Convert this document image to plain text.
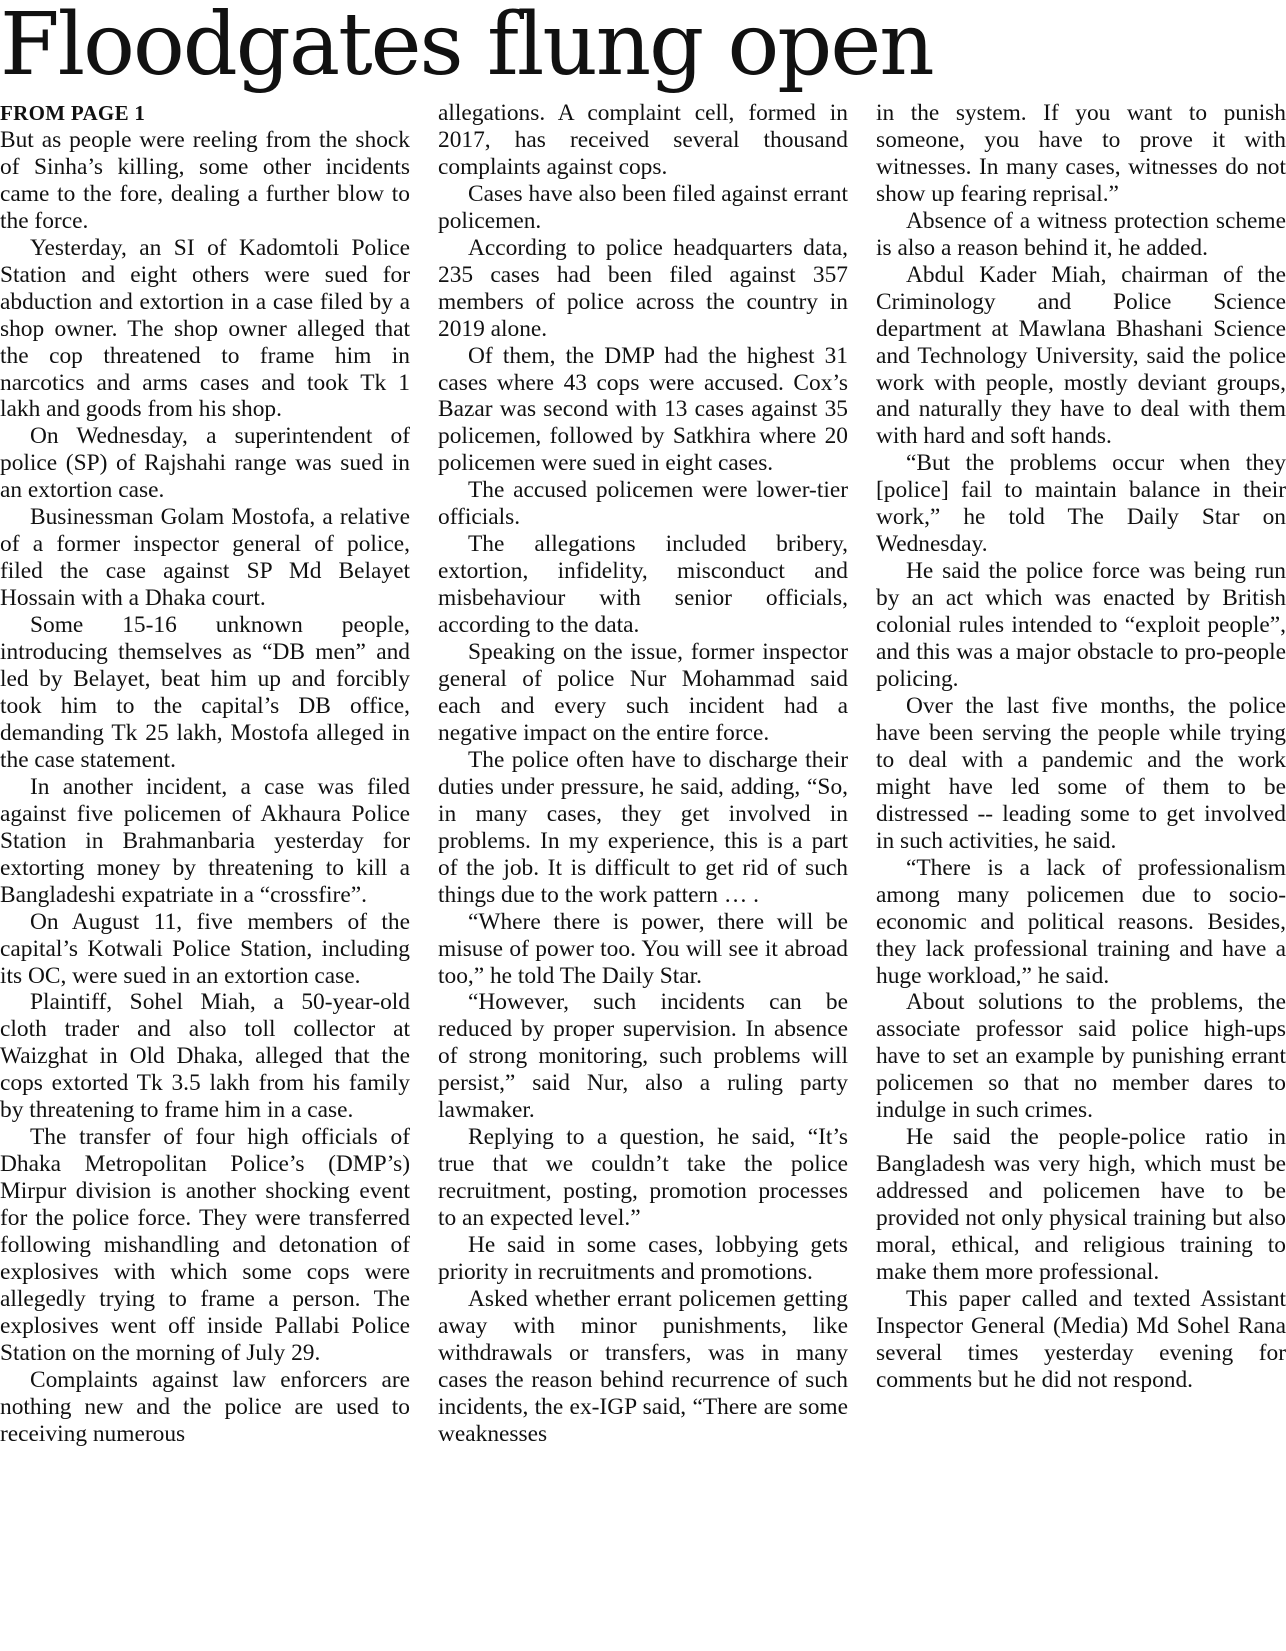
Floodgates flung open
FROM PAGE 1

But as people were reeling from the shock of Sinha’s killing, some other incidents came to the fore, dealing a further blow to the force.

Yesterday, an SI of Kadomtoli Police Station and eight others were sued for abduction and extortion in a case filed by a shop owner. The shop owner alleged that the cop threatened to frame him in narcotics and arms cases and took Tk 1 lakh and goods from his shop.

On Wednesday, a superintendent of police (SP) of Rajshahi range was sued in an extortion case.

Businessman Golam Mostofa, a relative of a former inspector general of police, filed the case against SP Md Belayet Hossain with a Dhaka court.

Some 15-16 unknown people, introducing themselves as “DB men” and led by Belayet, beat him up and forcibly took him to the capital’s DB office, demanding Tk 25 lakh, Mostofa alleged in the case statement.

In another incident, a case was filed against five policemen of Akhaura Police Station in Brahmanbaria yesterday for extorting money by threatening to kill a Bangladeshi expatriate in a “crossfire”.

On August 11, five members of the capital’s Kotwali Police Station, including its OC, were sued in an extortion case.

Plaintiff, Sohel Miah, a 50-year-old cloth trader and also toll collector at Waizghat in Old Dhaka, alleged that the cops extorted Tk 3.5 lakh from his family by threatening to frame him in a case.

The transfer of four high officials of Dhaka Metropolitan Police’s (DMP’s) Mirpur division is another shocking event for the police force. They were transferred following mishandling and detonation of explosives with which some cops were allegedly trying to frame a person. The explosives went off inside Pallabi Police Station on the morning of July 29.

Complaints against law enforcers are nothing new and the police are used to receiving numerous

allegations. A complaint cell, formed in 2017, has received several thousand complaints against cops.

Cases have also been filed against errant policemen.

According to police headquarters data, 235 cases had been filed against 357 members of police across the country in 2019 alone.

Of them, the DMP had the highest 31 cases where 43 cops were accused. Cox’s Bazar was second with 13 cases against 35 policemen, followed by Satkhira where 20 policemen were sued in eight cases.

The accused policemen were lower-tier officials.

The allegations included bribery, extortion, infidelity, misconduct and misbehaviour with senior officials, according to the data.

Speaking on the issue, former inspector general of police Nur Mohammad said each and every such incident had a negative impact on the entire force.

The police often have to discharge their duties under pressure, he said, adding, “So, in many cases, they get involved in problems. In my experience, this is a part of the job. It is difficult to get rid of such things due to the work pattern … .

“Where there is power, there will be misuse of power too. You will see it abroad too,” he told The Daily Star.

“However, such incidents can be reduced by proper supervision. In absence of strong monitoring, such problems will persist,” said Nur, also a ruling party lawmaker.

Replying to a question, he said, “It’s true that we couldn’t take the police recruitment, posting, promotion processes to an expected level.”

He said in some cases, lobbying gets priority in recruitments and promotions.

Asked whether errant policemen getting away with minor punishments, like withdrawals or transfers, was in many cases the reason behind recurrence of such incidents, the ex-IGP said, “There are some weaknesses

in the system. If you want to punish someone, you have to prove it with witnesses. In many cases, witnesses do not show up fearing reprisal.”

Absence of a witness protection scheme is also a reason behind it, he added.

Abdul Kader Miah, chairman of the Criminology and Police Science department at Mawlana Bhashani Science and Technology University, said the police work with people, mostly deviant groups, and naturally they have to deal with them with hard and soft hands.

“But the problems occur when they [police] fail to maintain balance in their work,” he told The Daily Star on Wednesday.

He said the police force was being run by an act which was enacted by British colonial rules intended to “exploit people”, and this was a major obstacle to pro-people policing.

Over the last five months, the police have been serving the people while trying to deal with a pandemic and the work might have led some of them to be distressed -- leading some to get involved in such activities, he said.

“There is a lack of professionalism among many policemen due to socio-economic and political reasons. Besides, they lack professional training and have a huge workload,” he said.

About solutions to the problems, the associate professor said police high-ups have to set an example by punishing errant policemen so that no member dares to indulge in such crimes.

He said the people-police ratio in Bangladesh was very high, which must be addressed and policemen have to be provided not only physical training but also moral, ethical, and religious training to make them more professional.

This paper called and texted Assistant Inspector General (Media) Md Sohel Rana several times yesterday evening for comments but he did not respond.
